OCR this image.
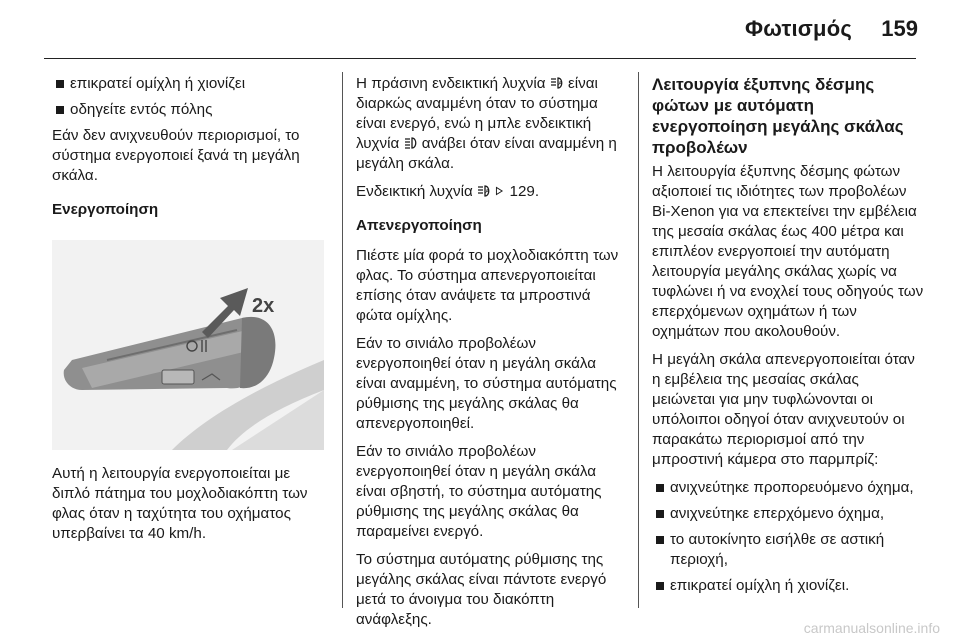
Φωτισμός 159
επικρατεί ομίχλη ή χιονίζει
οδηγείτε εντός πόλης

Εάν δεν ανιχνευθούν περιορισμοί, το σύστημα ενεργοποιεί ξανά τη μεγάλη σκάλα.

Ενεργοποίηση
2x

Αυτή η λειτουργία ενεργοποιείται με διπλό πάτημα του μοχλοδιακόπτη των φλας όταν η ταχύτητα του οχήματος υπερβαίνει τα 40 km/h.

Η πράσινη ενδεικτική λυχνία	A είναι διαρκώς αναμμένη όταν το σύστημα είναι ενεργό, ενώ η μπλε ενδεικτική λυχνία ανάβει όταν είναι αναμμένη η μεγάλη σκάλα.

Ενδεικτική λυχνία	A 129.

Απενεργοποίηση

Πιέστε μία φορά το μοχλοδιακόπτη των φλας. Το σύστημα απενεργοποιείται επίσης όταν ανάψετε τα μπροστινά φώτα ομίχλης.

Εάν το σινιάλο προβολέων ενεργοποιηθεί όταν η μεγάλη σκάλα είναι αναμμένη, το σύστημα αυτόματης ρύθμισης της μεγάλης σκάλας θα απενεργοποιηθεί.

Εάν το σινιάλο προβολέων ενεργοποιηθεί όταν η μεγάλη σκάλα είναι σβηστή, το σύστημα αυτόματης ρύθμισης της μεγάλης σκάλας θα παραμείνει ενεργό.

Το σύστημα αυτόματης ρύθμισης της μεγάλης σκάλας είναι πάντοτε ενεργό μετά το άνοιγμα του διακόπτη ανάφλεξης.

Λειτουργία έξυπνης δέσμης φώτων με αυτόματη ενεργοποίηση μεγάλης σκάλας προβολέων

Η λειτουργία έξυπνης δέσμης φώτων αξιοποιεί τις ιδιότητες των προβολέων Bi-Xenon για να επεκτείνει την εμβέλεια της μεσαία σκάλας έως 400 μέτρα και επιπλέον ενεργοποιεί την αυτόματη λειτουργία μεγάλης σκάλας χωρίς να τυφλώνει ή να ενοχλεί τους οδηγούς των επερχόμενων οχημάτων ή των οχημάτων που ακολουθούν.

Η μεγάλη σκάλα απενεργοποιείται όταν η εμβέλεια της μεσαίας σκάλας μειώνεται για μην τυφλώνονται οι υπόλοιποι οδηγοί όταν ανιχνευτούν οι παρακάτω περιορισμοί από την μπροστινή κάμερα στο παρμπρίζ:

ανιχνεύτηκε προπορευόμενο όχημα,
ανιχνεύτηκε επερχόμενο όχημα,
το αυτοκίνητο εισήλθε σε αστική περιοχή,
επικρατεί ομίχλη ή χιονίζει.
carmanualsonline.info
